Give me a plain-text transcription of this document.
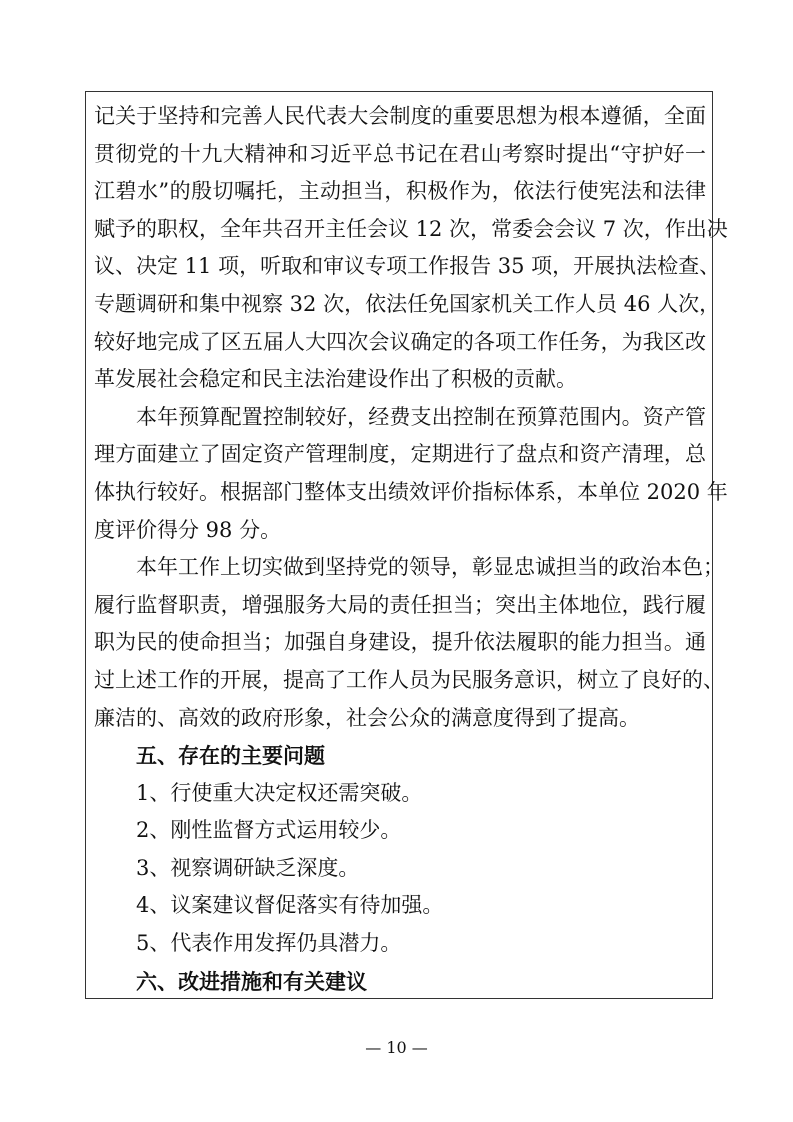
记关于坚持和完善人民代表大会制度的重要思想为根本遵循，全面
贯彻党的十九大精神和习近平总书记在君山考察时提出“守护好一
江碧水”的殷切嘱托，主动担当，积极作为，依法行使宪法和法律
赋予的职权，全年共召开主任会议 12 次，常委会会议 7 次，作出决
议、决定 11 项，听取和审议专项工作报告 35 项，开展执法检查、
专题调研和集中视察 32 次，依法任免国家机关工作人员 46 人次，
较好地完成了区五届人大四次会议确定的各项工作任务，为我区改
革发展社会稳定和民主法治建设作出了积极的贡献。
本年预算配置控制较好，经费支出控制在预算范围内。资产管
理方面建立了固定资产管理制度，定期进行了盘点和资产清理，总
体执行较好。根据部门整体支出绩效评价指标体系，本单位 2020 年
度评价得分 98 分。
本年工作上切实做到坚持党的领导，彰显忠诚担当的政治本色；
履行监督职责，增强服务大局的责任担当；突出主体地位，践行履
职为民的使命担当；加强自身建设，提升依法履职的能力担当。通
过上述工作的开展，提高了工作人员为民服务意识，树立了良好的、
廉洁的、高效的政府形象，社会公众的满意度得到了提高。
五、存在的主要问题
1、行使重大决定权还需突破。
2、刚性监督方式运用较少。
3、视察调研缺乏深度。
4、议案建议督促落实有待加强。
5、代表作用发挥仍具潜力。
六、改进措施和有关建议
— 10 —
